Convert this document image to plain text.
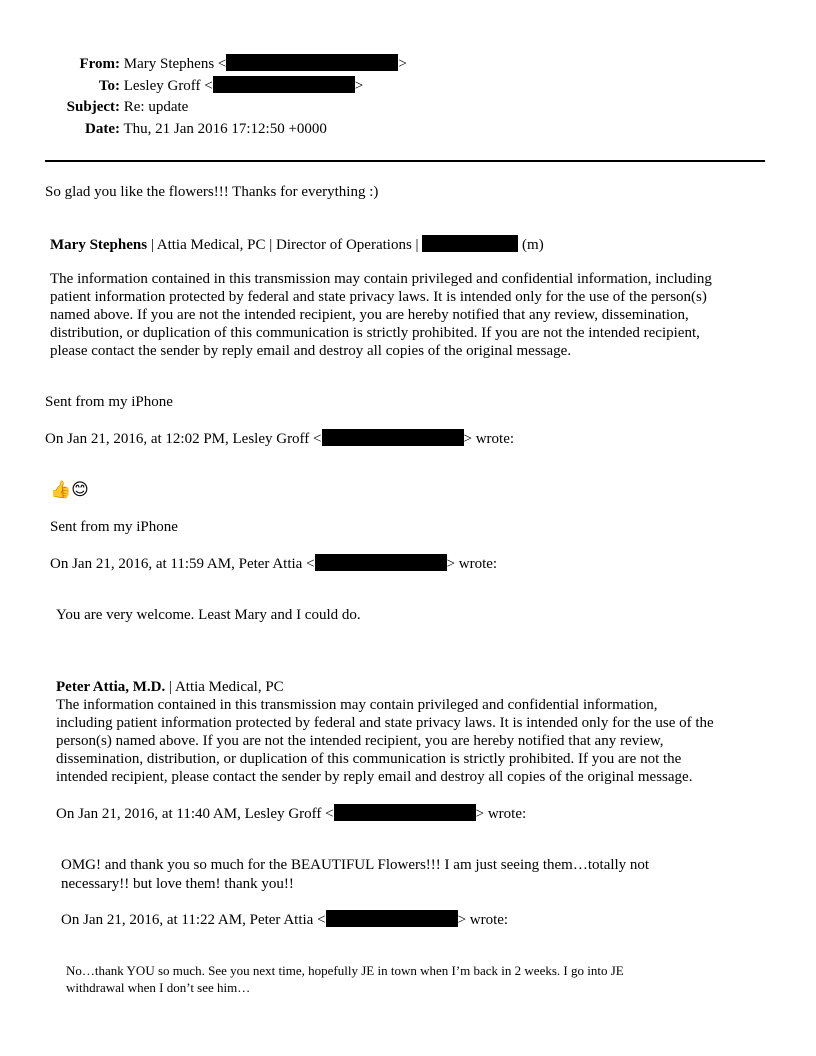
From: Mary Stephens <	>
To: Lesley Groff <	>
Subject: Re: update
Date: Thu, 21 Jan 2016 17:12:50 +0000
So glad you like the flowers!!! Thanks for everything :)
Mary Stephens | Attia Medical, PC | Director of Operations |	(m)
The information contained in this transmission may contain privileged and confidential information, including
patient information protected by federal and state privacy laws. It is intended only for the use of the person(s)
named above. If you are not the intended recipient, you are hereby notified that any review, dissemination,
distribution, or duplication of this communication is strictly prohibited. If you are not the intended recipient,
please contact the sender by reply email and destroy all copies of the original message.
Sent from my iPhone
On Jan 21, 2016, at 12:02 PM, Lesley Groff <	> wrote:
👍😊
Sent from my iPhone
On Jan 21, 2016, at 11:59 AM, Peter Attia <	> wrote:
You are very welcome. Least Mary and I could do.
Peter Attia, M.D. | Attia Medical, PC
The information contained in this transmission may contain privileged and confidential information,
including patient information protected by federal and state privacy laws. It is intended only for the use of the
person(s) named above. If you are not the intended recipient, you are hereby notified that any review,
dissemination, distribution, or duplication of this communication is strictly prohibited. If you are not the
intended recipient, please contact the sender by reply email and destroy all copies of the original message.
On Jan 21, 2016, at 11:40 AM, Lesley Groff <	> wrote:
OMG! and thank you so much for the BEAUTIFUL Flowers!!! I am just seeing them…totally not
necessary!! but love them! thank you!!
On Jan 21, 2016, at 11:22 AM, Peter Attia <	> wrote:
No…thank YOU so much. See you next time, hopefully JE in town when I’m back in 2 weeks. I go into JE
withdrawal when I don’t see him…
